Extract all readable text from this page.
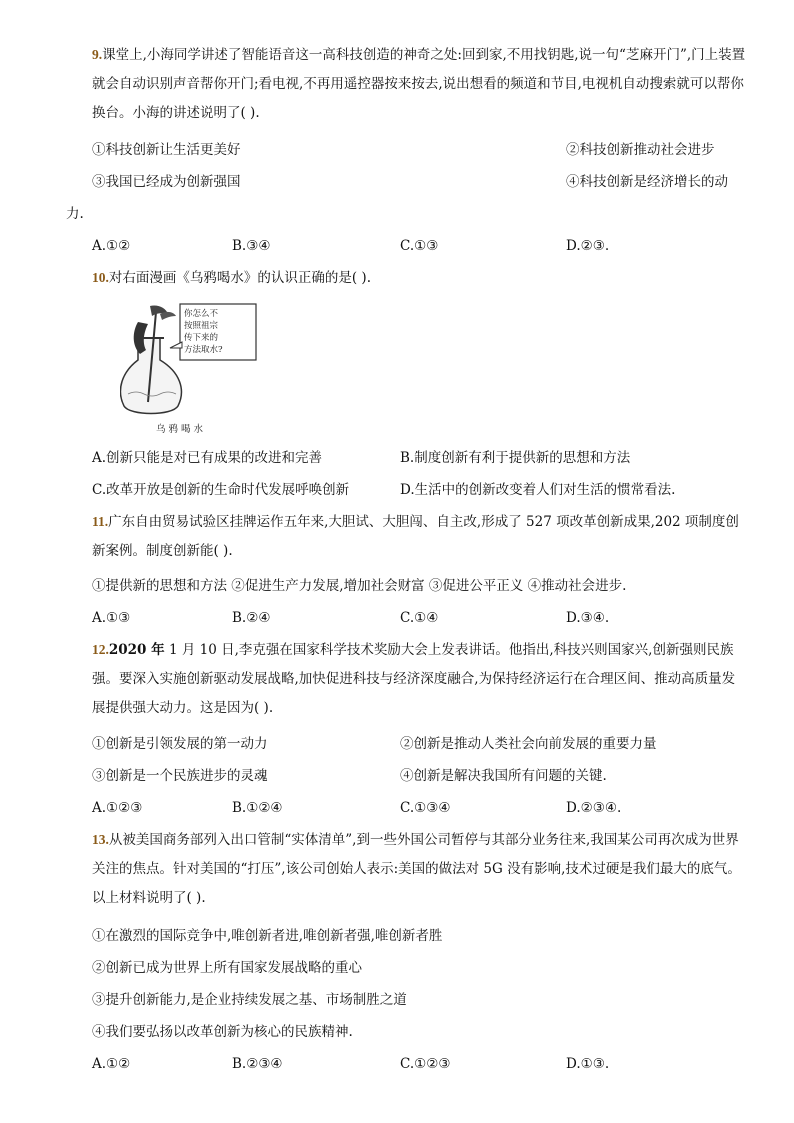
9.课堂上,小海同学讲述了智能语音这一高科技创造的神奇之处:回到家,不用找钥匙,说一句“芝麻开门”,门上装置就会自动识别声音帮你开门;看电视,不再用遥控器按来按去,说出想看的频道和节目,电视机自动搜索就可以帮你换台。小海的讲述说明了( ).
①科技创新让生活更美好	②科技创新推动社会进步
③我国已经成为创新强国	④科技创新是经济增长的动
力.
A.①②	B.③④	C.①③	D.②③.
10.对右面漫画《乌鸦喝水》的认识正确的是( ).
你怎么不
按照祖宗
传下来的
方法取水?
乌 鸦 喝 水
A.创新只能是对已有成果的改进和完善	B.制度创新有利于提供新的思想和方法
C.改革开放是创新的生命时代发展呼唤创新	D.生活中的创新改变着人们对生活的惯常看法.
11.广东自由贸易试验区挂牌运作五年来,大胆试、大胆闯、自主改,形成了 527 项改革创新成果,202 项制度创新案例。制度创新能( ).
①提供新的思想和方法 ②促进生产力发展,增加社会财富 ③促进公平正义 ④推动社会进步.
A.①③	B.②④	C.①④	D.③④.
12.2020 年 1 月 10 日,李克强在国家科学技术奖励大会上发表讲话。他指出,科技兴则国家兴,创新强则民族强。要深入实施创新驱动发展战略,加快促进科技与经济深度融合,为保持经济运行在合理区间、推动高质量发展提供强大动力。这是因为( ).
①创新是引领发展的第一动力	②创新是推动人类社会向前发展的重要力量
③创新是一个民族进步的灵魂	④创新是解决我国所有问题的关键.
A.①②③	B.①②④	C.①③④	D.②③④.
13.从被美国商务部列入出口管制“实体清单”,到一些外国公司暂停与其部分业务往来,我国某公司再次成为世界关注的焦点。针对美国的“打压”,该公司创始人表示:美国的做法对 5G 没有影响,技术过硬是我们最大的底气。以上材料说明了( ).
①在激烈的国际竞争中,唯创新者进,唯创新者强,唯创新者胜
②创新已成为世界上所有国家发展战略的重心
③提升创新能力,是企业持续发展之基、市场制胜之道
④我们要弘扬以改革创新为核心的民族精神.
A.①②	B.②③④	C.①②③	D.①③.
